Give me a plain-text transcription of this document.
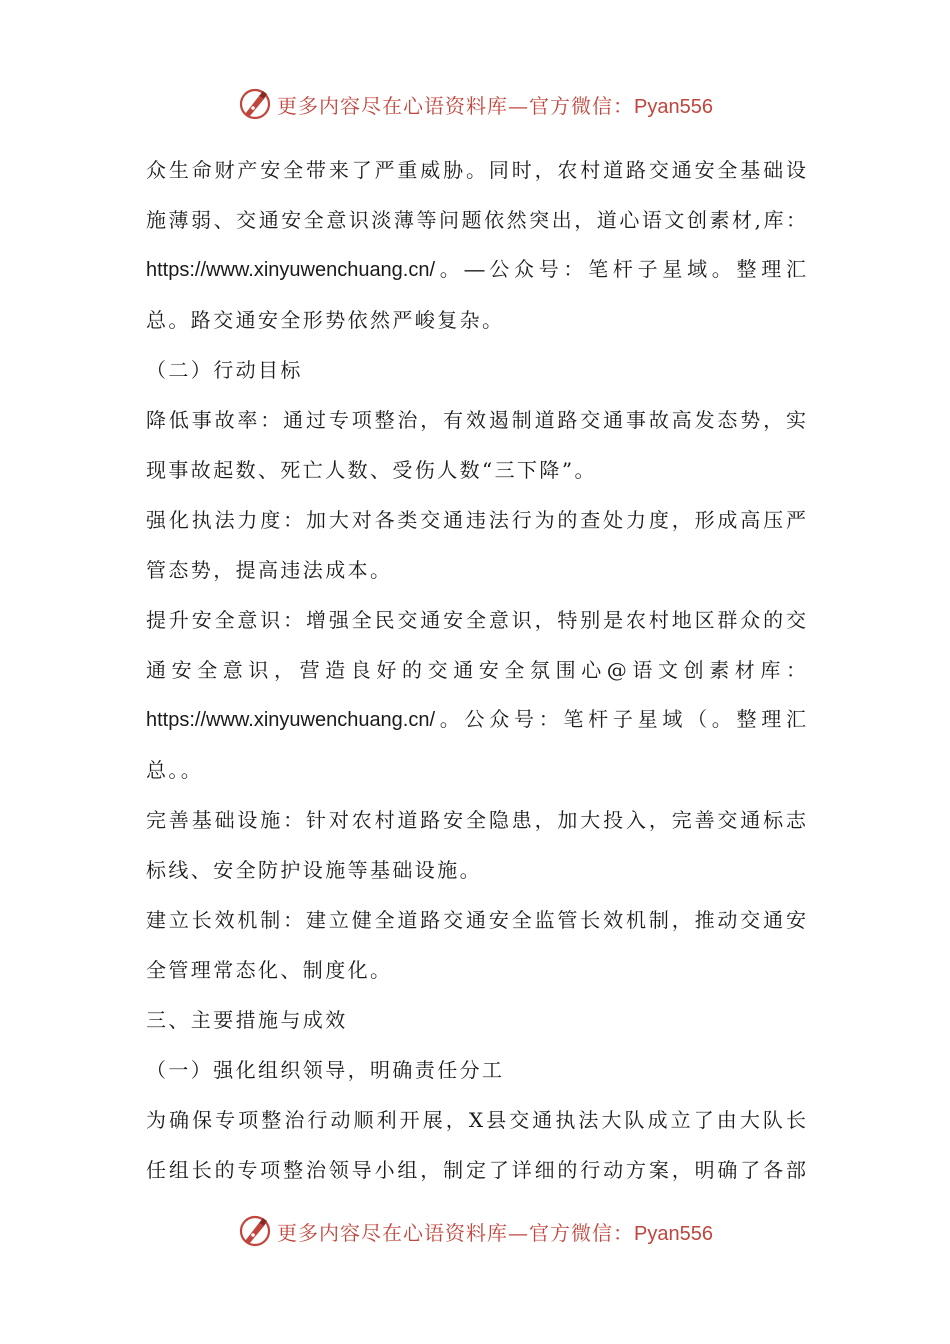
更多内容尽在心语资料库—官方微信：Pyan556
众生命财产安全带来了严重威胁。同时，农村道路交通安全基础设
施薄弱、交通安全意识淡薄等问题依然突出，道心语文创素材,库：
https://www.xinyuwenchuang.cn/。—公众号：笔杆子星域。整理汇
总。路交通安全形势依然严峻复杂。
（二）行动目标
降低事故率：通过专项整治，有效遏制道路交通事故高发态势，实
现事故起数、死亡人数、受伤人数“三下降”。
强化执法力度：加大对各类交通违法行为的查处力度，形成高压严
管态势，提高违法成本。
提升安全意识：增强全民交通安全意识，特别是农村地区群众的交
通安全意识，营造良好的交通安全氛围心@语文创素材库：
https://www.xinyuwenchuang.cn/。公众号：笔杆子星域（。整理汇
总。。
完善基础设施：针对农村道路安全隐患，加大投入，完善交通标志
标线、安全防护设施等基础设施。
建立长效机制：建立健全道路交通安全监管长效机制，推动交通安
全管理常态化、制度化。
三、主要措施与成效
（一）强化组织领导，明确责任分工
为确保专项整治行动顺利开展，X县交通执法大队成立了由大队长
任组长的专项整治领导小组，制定了详细的行动方案，明确了各部
更多内容尽在心语资料库—官方微信：Pyan556
